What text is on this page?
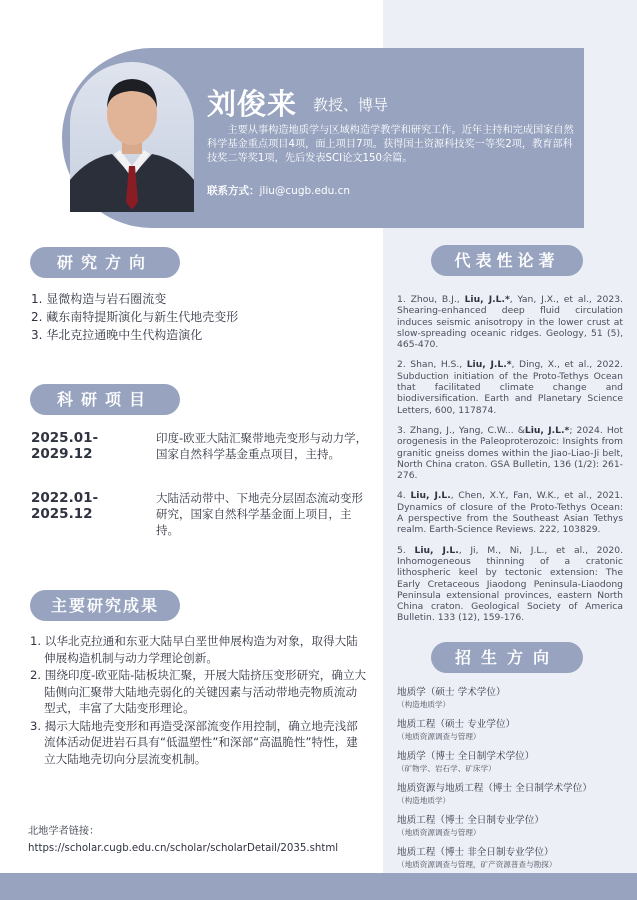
刘俊来 教授、博导
主要从事构造地质学与区域构造学教学和研究工作。近年主持和完成国家自然科学基金重点项目4项，面上项目7项。获得国土资源科技奖一等奖2项，教育部科技奖二等奖1项，先后发表SCI论文150余篇。
联系方式：jliu@cugb.edu.cn
研究方向
1. 显微构造与岩石圈流变
2. 藏东南特提斯演化与新生代地壳变形
3. 华北克拉通晚中生代构造演化
科研项目
2025.01-2029.12
印度-欧亚大陆汇聚带地壳变形与动力学，国家自然科学基金重点项目，主持。
2022.01-2025.12
大陆活动带中、下地壳分层固态流动变形研究，国家自然科学基金面上项目，主持。
主要研究成果
1. 以华北克拉通和东亚大陆早白垩世伸展构造为对象，取得大陆伸展构造机制与动力学理论创新。
2. 围绕印度-欧亚陆-陆板块汇聚，开展大陆挤压变形研究，确立大陆侧向汇聚带大陆地壳弱化的关键因素与活动带地壳物质流动型式，丰富了大陆变形理论。
3. 揭示大陆地壳变形和再造受深部流变作用控制，确立地壳浅部流体活动促进岩石具有“低温塑性”和深部“高温脆性”特性，建立大陆地壳切向分层流变机制。
北地学者链接：
https://scholar.cugb.edu.cn/scholar/scholarDetail/2035.shtml
代表性论著
1. Zhou, B.J., Liu, J.L.*, Yan, J.X., et al., 2023. Shearing-enhanced deep fluid circulation induces seismic anisotropy in the lower crust at slow-spreading oceanic ridges. Geology, 51 (5), 465-470.
2. Shan, H.S., Liu, J.L.*, Ding, X., et al., 2022. Subduction initiation of the Proto-Tethys Ocean that facilitated climate change and biodiversification. Earth and Planetary Science Letters, 600, 117874.
3. Zhang, J., Yang, C.W... &Liu, J.L.*; 2024. Hot orogenesis in the Paleoproterozoic: Insights from granitic gneiss domes within the Jiao-Liao-Ji belt, North China craton. GSA Bulletin, 136 (1/2): 261-276.
4. Liu, J.L., Chen, X.Y., Fan, W.K., et al., 2021. Dynamics of closure of the Proto-Tethys Ocean: A perspective from the Southeast Asian Tethys realm. Earth-Science Reviews. 222, 103829.
5. Liu, J.L., Ji, M., Ni, J.L., et al., 2020. Inhomogeneous thinning of a cratonic lithospheric keel by tectonic extension: The Early Cretaceous Jiaodong Peninsula-Liaodong Peninsula extensional provinces, eastern North China craton. Geological Society of America Bulletin. 133 (12), 159-176.
招生方向
地质学（硕士 学术学位）
（构造地质学）
地质工程（硕士 专业学位）
（地质资源调查与管理）
地质学（博士 全日制学术学位）
（矿物学、岩石学、矿床学）
地质资源与地质工程（博士 全日制学术学位）
（构造地质学）
地质工程（博士 全日制专业学位）
（地质资源调查与管理）
地质工程（博士 非全日制专业学位）
（地质资源调查与管理，矿产资源普查与勘探）
